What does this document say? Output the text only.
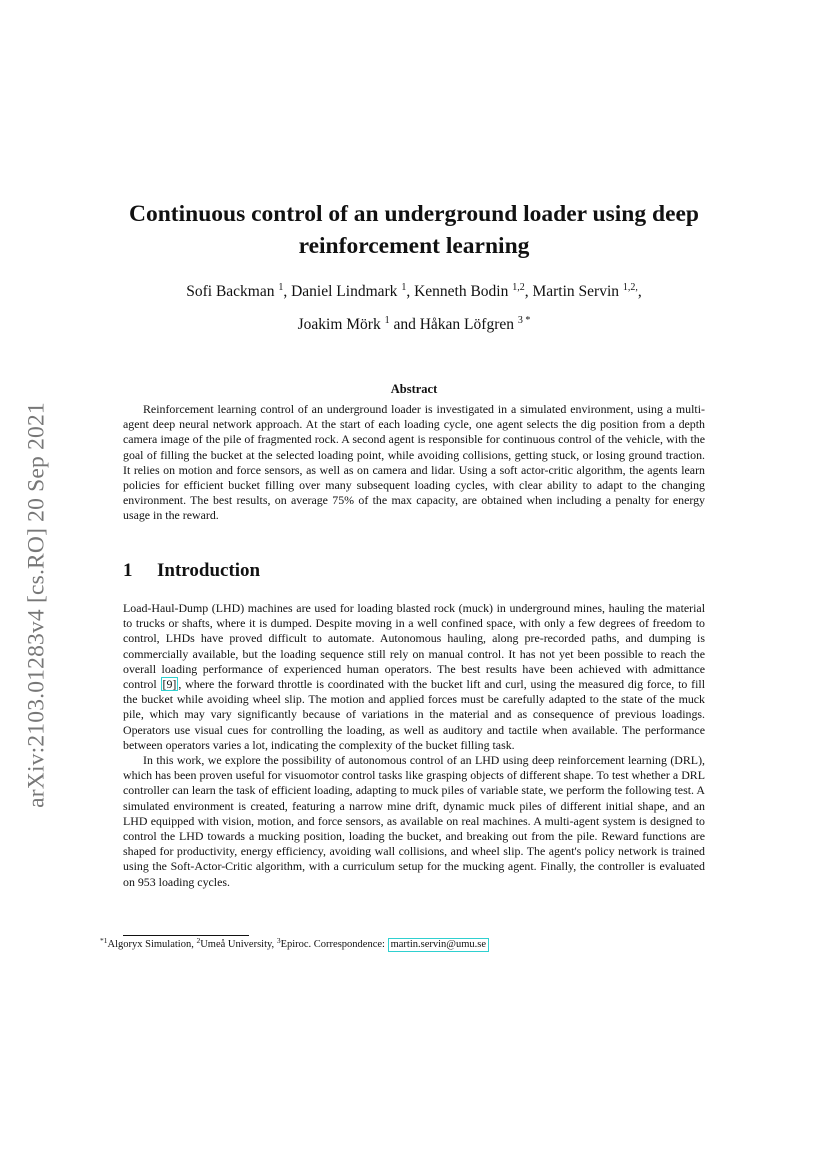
arXiv:2103.01283v4 [cs.RO] 20 Sep 2021
Continuous control of an underground loader using deep reinforcement learning
Sofi Backman $^1$, Daniel Lindmark $^1$, Kenneth Bodin $^{1,2}$, Martin Servin $^{1,2,}$,
Joakim Mörk $^1$ and Håkan Löfgren $^{3 *}$
Abstract
Reinforcement learning control of an underground loader is investigated in a simulated environment, using a multi-agent deep neural network approach. At the start of each loading cycle, one agent selects the dig position from a depth camera image of the pile of fragmented rock. A second agent is responsible for continuous control of the vehicle, with the goal of filling the bucket at the selected loading point, while avoiding collisions, getting stuck, or losing ground traction. It relies on motion and force sensors, as well as on camera and lidar. Using a soft actor-critic algorithm, the agents learn policies for efficient bucket filling over many subsequent loading cycles, with clear ability to adapt to the changing environment. The best results, on average 75% of the max capacity, are obtained when including a penalty for energy usage in the reward.
1 Introduction

Load-Haul-Dump (LHD) machines are used for loading blasted rock (muck) in underground mines, hauling the material to trucks or shafts, where it is dumped. Despite moving in a well confined space, with only a few degrees of freedom to control, LHDs have proved difficult to automate. Autonomous hauling, along pre-recorded paths, and dumping is commercially available, but the loading sequence still rely on manual control. It has not yet been possible to reach the overall loading performance of experienced human operators. The best results have been achieved with admittance control [9] , where the forward throttle is coordinated with the bucket lift and curl, using the measured dig force, to fill the bucket while avoiding wheel slip. The motion and applied forces must be carefully adapted to the state of the muck pile, which may vary significantly because of variations in the material and as consequence of previous loadings. Operators use visual cues for controlling the loading, as well as auditory and tactile when available. The performance between operators varies a lot, indicating the complexity of the bucket filling task.

In this work, we explore the possibility of autonomous control of an LHD using deep reinforcement learning (DRL), which has been proven useful for visuomotor control tasks like grasping objects of different shape. To test whether a DRL controller can learn the task of efficient loading, adapting to muck piles of variable state, we perform the following test. A simulated environment is created, featuring a narrow mine drift, dynamic muck piles of different initial shape, and an LHD equipped with vision, motion, and force sensors, as available on real machines. A multi-agent system is designed to control the LHD towards a mucking position, loading the bucket, and breaking out from the pile. Reward functions are shaped for productivity, energy efficiency, avoiding wall collisions, and wheel slip. The agent's policy network is trained using the Soft-Actor-Critic algorithm, with a curriculum setup for the mucking agent. Finally, the controller is evaluated on 953 loading cycles.

$^{*1}$Algoryx Simulation, $^2$Umeå University, $^3$Epiroc. Correspondence: martin.servin@umu.se
